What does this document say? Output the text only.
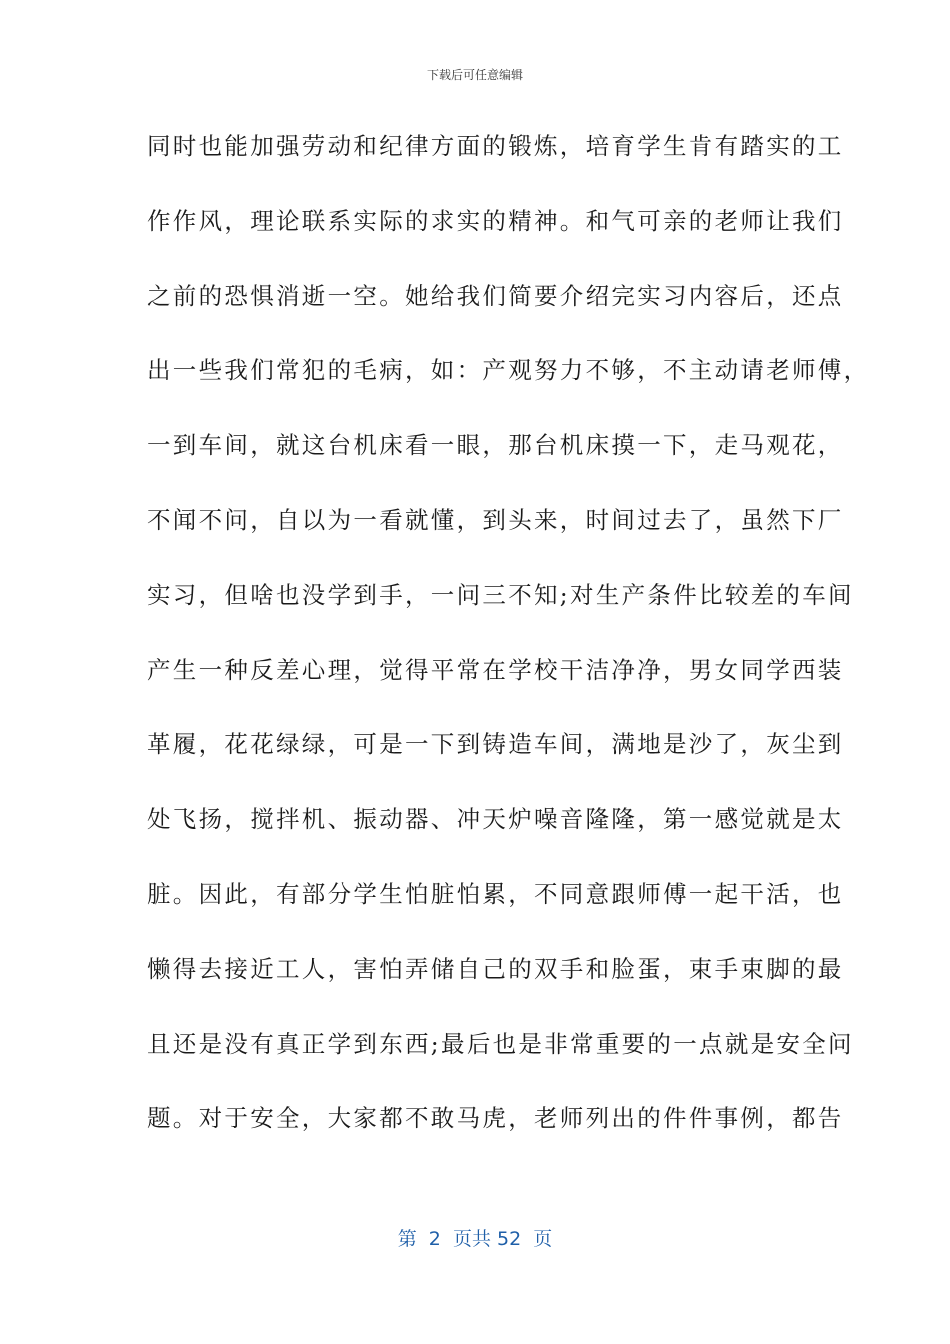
下载后可任意编辑
同时也能加强劳动和纪律方面的锻炼，培育学生肯有踏实的工
作作风，理论联系实际的求实的精神。和气可亲的老师让我们
之前的恐惧消逝一空。她给我们简要介绍完实习内容后，还点
出一些我们常犯的毛病，如：产观努力不够，不主动请老师傅，
一到车间，就这台机床看一眼，那台机床摸一下，走马观花，
不闻不问，自以为一看就懂，到头来，时间过去了，虽然下厂
实习，但啥也没学到手，一问三不知;对生产条件比较差的车间
产生一种反差心理，觉得平常在学校干洁净净，男女同学西装
革履，花花绿绿，可是一下到铸造车间，满地是沙了，灰尘到
处飞扬，搅拌机、振动器、冲天炉噪音隆隆，第一感觉就是太
脏。因此，有部分学生怕脏怕累，不同意跟师傅一起干活，也
懒得去接近工人，害怕弄储自己的双手和脸蛋，束手束脚的最
且还是没有真正学到东西;最后也是非常重要的一点就是安全问
题。对于安全，大家都不敢马虎，老师列出的件件事例，都告
第  2  页共 52  页
